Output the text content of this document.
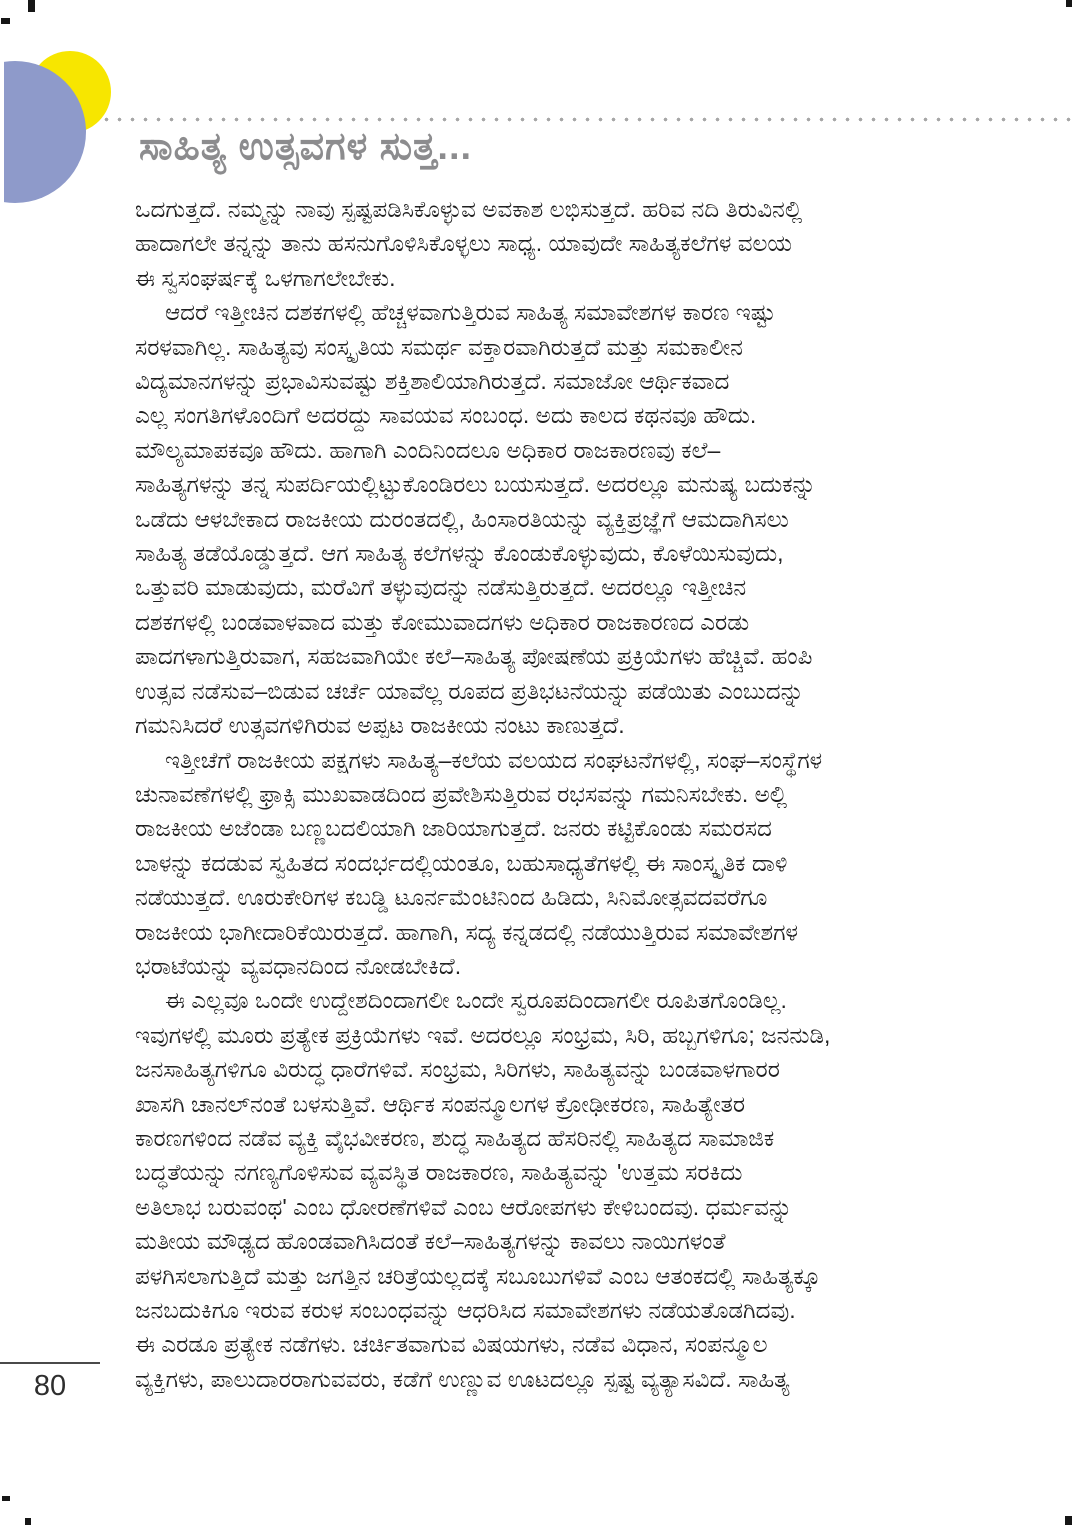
ಸಾಹಿತ್ಯ ಉತ್ಸವಗಳ ಸುತ್ತ...
ಒದಗುತ್ತದೆ. ನಮ್ಮನ್ನು ನಾವು ಸ್ಪಷ್ಟಪಡಿಸಿಕೊಳ್ಳುವ ಅವಕಾಶ ಲಭಿಸುತ್ತದೆ. ಹರಿವ ನದಿ ತಿರುವಿನಲ್ಲಿ
ಹಾದಾಗಲೇ ತನ್ನನ್ನು ತಾನು ಹಸನುಗೊಳಿಸಿಕೊಳ್ಳಲು ಸಾಧ್ಯ. ಯಾವುದೇ ಸಾಹಿತ್ಯಕಲೆಗಳ ವಲಯ
ಈ ಸ್ವಸಂಘರ್ಷಕ್ಕೆ ಒಳಗಾಗಲೇಬೇಕು.
ಆದರೆ ಇತ್ತೀಚಿನ ದಶಕಗಳಲ್ಲಿ ಹೆಚ್ಚಳವಾಗುತ್ತಿರುವ ಸಾಹಿತ್ಯ ಸಮಾವೇಶಗಳ ಕಾರಣ ಇಷ್ಟು
ಸರಳವಾಗಿಲ್ಲ. ಸಾಹಿತ್ಯವು ಸಂಸ್ಕೃತಿಯ ಸಮರ್ಥ ವಕ್ತಾರವಾಗಿರುತ್ತದೆ ಮತ್ತು ಸಮಕಾಲೀನ
ವಿದ್ಯಮಾನಗಳನ್ನು ಪ್ರಭಾವಿಸುವಷ್ಟು ಶಕ್ತಿಶಾಲಿಯಾಗಿರುತ್ತದೆ. ಸಮಾಜೋ ಆರ್ಥಿಕವಾದ
ಎಲ್ಲ ಸಂಗತಿಗಳೊಂದಿಗೆ ಅದರದ್ದು ಸಾವಯವ ಸಂಬಂಧ. ಅದು ಕಾಲದ ಕಥನವೂ ಹೌದು.
ಮೌಲ್ಯಮಾಪಕವೂ ಹೌದು. ಹಾಗಾಗಿ ಎಂದಿನಿಂದಲೂ ಅಧಿಕಾರ ರಾಜಕಾರಣವು ಕಲೆ–
ಸಾಹಿತ್ಯಗಳನ್ನು ತನ್ನ ಸುಪರ್ದಿಯಲ್ಲಿಟ್ಟುಕೊಂಡಿರಲು ಬಯಸುತ್ತದೆ. ಅದರಲ್ಲೂ ಮನುಷ್ಯ ಬದುಕನ್ನು
ಒಡೆದು ಆಳಬೇಕಾದ ರಾಜಕೀಯ ದುರಂತದಲ್ಲಿ, ಹಿಂಸಾರತಿಯನ್ನು ವ್ಯಕ್ತಿಪ್ರಜ್ಞೆಗೆ ಆಮದಾಗಿಸಲು
ಸಾಹಿತ್ಯ ತಡೆಯೊಡ್ಡುತ್ತದೆ. ಆಗ ಸಾಹಿತ್ಯ ಕಲೆಗಳನ್ನು ಕೊಂಡುಕೊಳ್ಳುವುದು, ಕೊಳೆಯಿಸುವುದು,
ಒತ್ತುವರಿ ಮಾಡುವುದು, ಮರೆವಿಗೆ ತಳ್ಳುವುದನ್ನು ನಡೆಸುತ್ತಿರುತ್ತದೆ. ಅದರಲ್ಲೂ ಇತ್ತೀಚಿನ
ದಶಕಗಳಲ್ಲಿ ಬಂಡವಾಳವಾದ ಮತ್ತು ಕೋಮುವಾದಗಳು ಅಧಿಕಾರ ರಾಜಕಾರಣದ ಎರಡು
ಪಾದಗಳಾಗುತ್ತಿರುವಾಗ, ಸಹಜವಾಗಿಯೇ ಕಲೆ–ಸಾಹಿತ್ಯ ಪೋಷಣೆಯ ಪ್ರಕ್ರಿಯೆಗಳು ಹೆಚ್ಚಿವೆ. ಹಂಪಿ
ಉತ್ಸವ ನಡೆಸುವ–ಬಿಡುವ ಚರ್ಚೆ ಯಾವೆಲ್ಲ ರೂಪದ ಪ್ರತಿಭಟನೆಯನ್ನು ಪಡೆಯಿತು ಎಂಬುದನ್ನು
ಗಮನಿಸಿದರೆ ಉತ್ಸವಗಳಿಗಿರುವ ಅಪ್ಪಟ ರಾಜಕೀಯ ನಂಟು ಕಾಣುತ್ತದೆ.
ಇತ್ತೀಚೆಗೆ ರಾಜಕೀಯ ಪಕ್ಷಗಳು ಸಾಹಿತ್ಯ–ಕಲೆಯ ವಲಯದ ಸಂಘಟನೆಗಳಲ್ಲಿ, ಸಂಘ–ಸಂಸ್ಥೆಗಳ
ಚುನಾವಣೆಗಳಲ್ಲಿ ಫ್ರಾಕ್ಸಿ ಮುಖವಾಡದಿಂದ ಪ್ರವೇಶಿಸುತ್ತಿರುವ ರಭಸವನ್ನು ಗಮನಿಸಬೇಕು. ಅಲ್ಲಿ
ರಾಜಕೀಯ ಅಜೆಂಡಾ ಬಣ್ಣಬದಲಿಯಾಗಿ ಜಾರಿಯಾಗುತ್ತದೆ. ಜನರು ಕಟ್ಟಿಕೊಂಡು ಸಮರಸದ
ಬಾಳನ್ನು ಕದಡುವ ಸ್ವಹಿತದ ಸಂದರ್ಭದಲ್ಲಿಯಂತೂ, ಬಹುಸಾಧ್ಯತೆಗಳಲ್ಲಿ ಈ ಸಾಂಸ್ಕೃತಿಕ ದಾಳಿ
ನಡೆಯುತ್ತದೆ. ಊರುಕೇರಿಗಳ ಕಬಡ್ಡಿ ಟೂರ್ನಮೆಂಟಿನಿಂದ ಹಿಡಿದು, ಸಿನಿಮೋತ್ಸವದವರೆಗೂ
ರಾಜಕೀಯ ಭಾಗೀದಾರಿಕೆಯಿರುತ್ತದೆ. ಹಾಗಾಗಿ, ಸದ್ಯ ಕನ್ನಡದಲ್ಲಿ ನಡೆಯುತ್ತಿರುವ ಸಮಾವೇಶಗಳ
ಭರಾಟೆಯನ್ನು ವ್ಯವಧಾನದಿಂದ ನೋಡಬೇಕಿದೆ.
ಈ ಎಲ್ಲವೂ ಒಂದೇ ಉದ್ದೇಶದಿಂದಾಗಲೀ ಒಂದೇ ಸ್ವರೂಪದಿಂದಾಗಲೀ ರೂಪಿತಗೊಂಡಿಲ್ಲ.
ಇವುಗಳಲ್ಲಿ ಮೂರು ಪ್ರತ್ಯೇಕ ಪ್ರಕ್ರಿಯೆಗಳು ಇವೆ. ಅದರಲ್ಲೂ ಸಂಭ್ರಮ, ಸಿರಿ, ಹಬ್ಬಗಳಿಗೂ; ಜನನುಡಿ,
ಜನಸಾಹಿತ್ಯಗಳಿಗೂ ವಿರುದ್ಧ ಧಾರೆಗಳಿವೆ. ಸಂಭ್ರಮ, ಸಿರಿಗಳು, ಸಾಹಿತ್ಯವನ್ನು ಬಂಡವಾಳಗಾರರ
ಖಾಸಗಿ ಚಾನಲ್‌ನಂತೆ ಬಳಸುತ್ತಿವೆ. ಆರ್ಥಿಕ ಸಂಪನ್ಮೂಲಗಳ ಕ್ರೋಢೀಕರಣ, ಸಾಹಿತ್ಯೇತರ
ಕಾರಣಗಳಿಂದ ನಡೆವ ವ್ಯಕ್ತಿ ವೈಭವೀಕರಣ, ಶುದ್ಧ ಸಾಹಿತ್ಯದ ಹೆಸರಿನಲ್ಲಿ ಸಾಹಿತ್ಯದ ಸಾಮಾಜಿಕ
ಬದ್ಧತೆಯನ್ನು ನಗಣ್ಯಗೊಳಿಸುವ ವ್ಯವಸ್ಥಿತ ರಾಜಕಾರಣ, ಸಾಹಿತ್ಯವನ್ನು 'ಉತ್ತಮ ಸರಕಿದು
ಅತಿಲಾಭ ಬರುವಂಥ' ಎಂಬ ಧೋರಣೆಗಳಿವೆ ಎಂಬ ಆರೋಪಗಳು ಕೇಳಿಬಂದವು. ಧರ್ಮವನ್ನು
ಮತೀಯ ಮೌಢ್ಯದ ಹೊಂಡವಾಗಿಸಿದಂತೆ ಕಲೆ–ಸಾಹಿತ್ಯಗಳನ್ನು ಕಾವಲು ನಾಯಿಗಳಂತೆ
ಪಳಗಿಸಲಾಗುತ್ತಿದೆ ಮತ್ತು ಜಗತ್ತಿನ ಚರಿತ್ರೆಯಲ್ಲದಕ್ಕೆ ಸಬೂಬುಗಳಿವೆ ಎಂಬ ಆತಂಕದಲ್ಲಿ ಸಾಹಿತ್ಯಕ್ಕೂ
ಜನಬದುಕಿಗೂ ಇರುವ ಕರುಳ ಸಂಬಂಧವನ್ನು ಆಧರಿಸಿದ ಸಮಾವೇಶಗಳು ನಡೆಯತೊಡಗಿದವು.
ಈ ಎರಡೂ ಪ್ರತ್ಯೇಕ ನಡೆಗಳು. ಚರ್ಚಿತವಾಗುವ ವಿಷಯಗಳು, ನಡೆವ ವಿಧಾನ, ಸಂಪನ್ಮೂಲ
ವ್ಯಕ್ತಿಗಳು, ಪಾಲುದಾರರಾಗುವವರು, ಕಡೆಗೆ ಉಣ್ಣುವ ಊಟದಲ್ಲೂ ಸ್ಪಷ್ಟ ವ್ಯತ್ಯಾಸವಿದೆ. ಸಾಹಿತ್ಯ
80
